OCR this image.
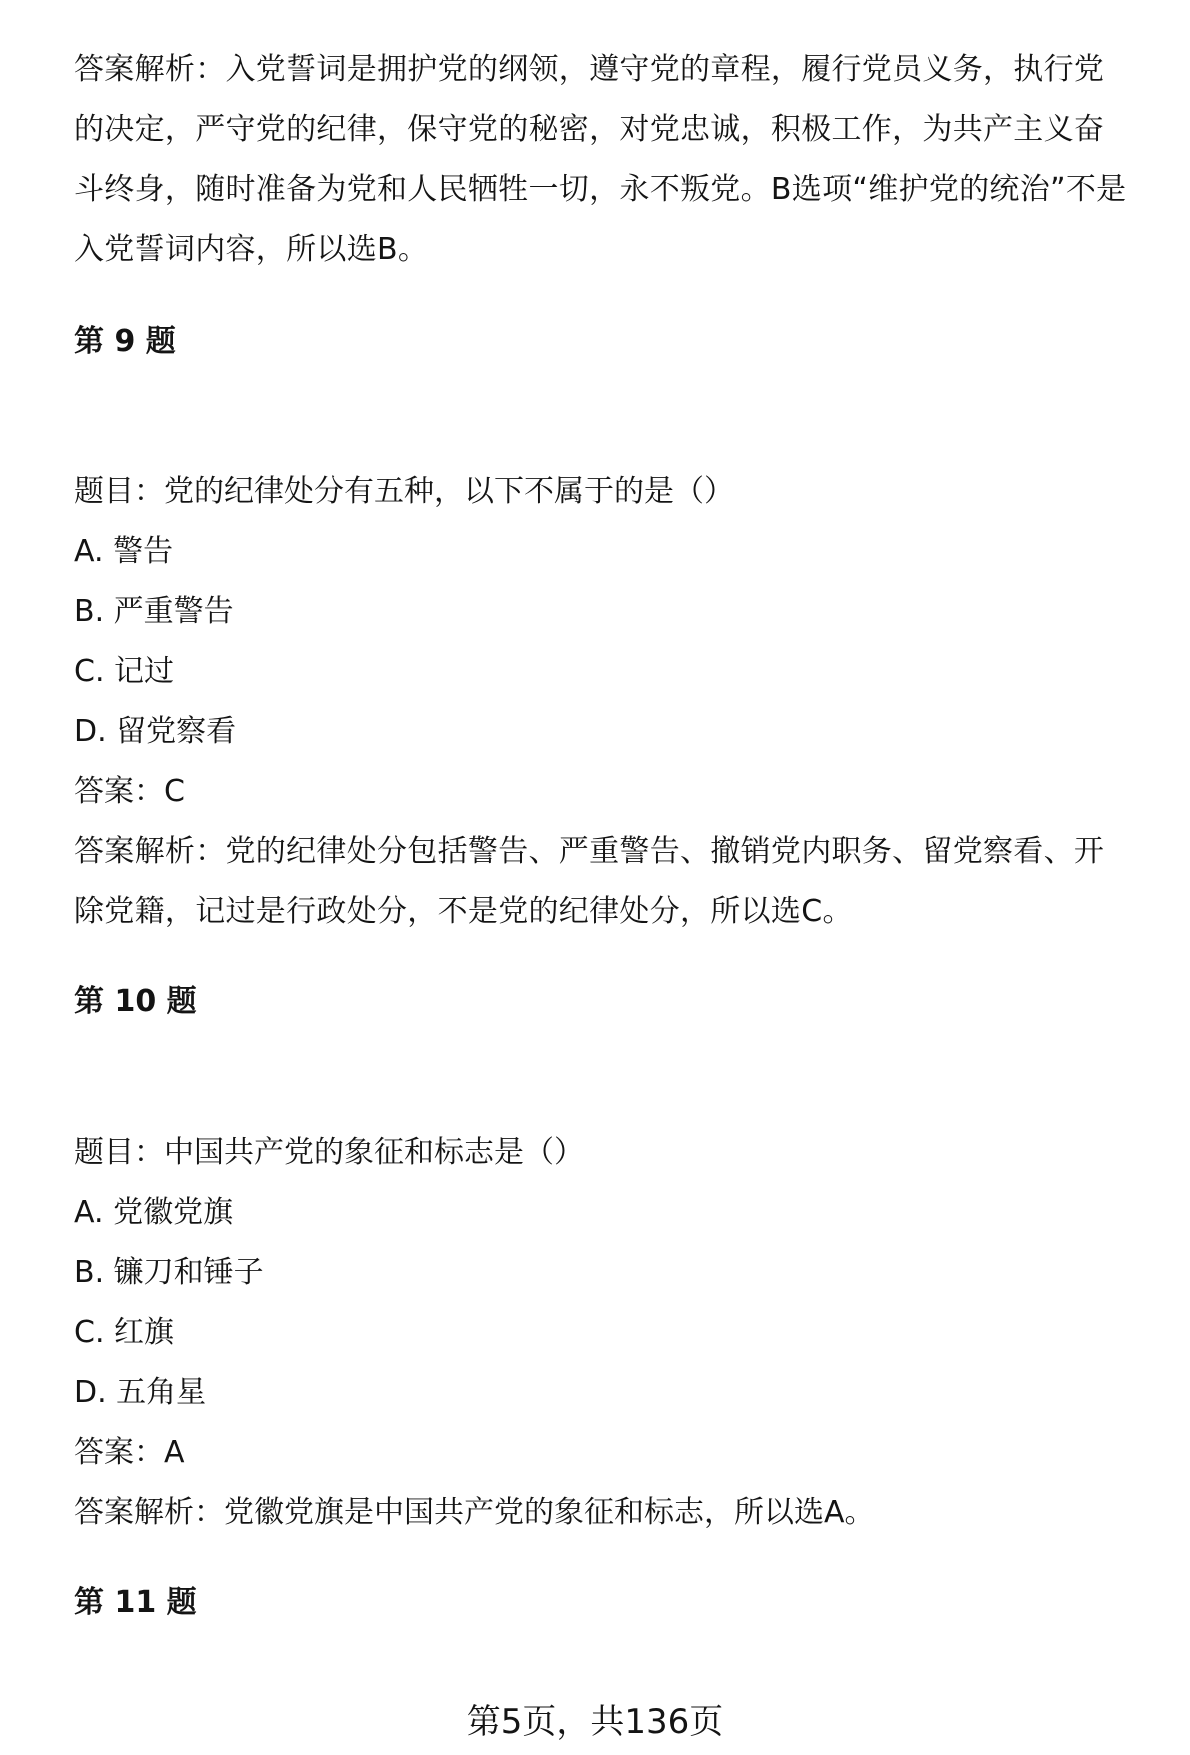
答案解析：入党誓词是拥护党的纲领，遵守党的章程，履行党员义务，执行党的决定，严守党的纪律，保守党的秘密，对党忠诚，积极工作，为共产主义奋斗终身，随时准备为党和人民牺牲一切，永不叛党。B选项“维护党的统治”不是入党誓词内容，所以选B。

第 9 题

题目：党的纪律处分有五种，以下不属于的是（）

A. 警告

B. 严重警告

C. 记过

D. 留党察看

答案：C

答案解析：党的纪律处分包括警告、严重警告、撤销党内职务、留党察看、开除党籍，记过是行政处分，不是党的纪律处分，所以选C。

第 10 题

题目：中国共产党的象征和标志是（）

A. 党徽党旗

B. 镰刀和锤子

C. 红旗

D. 五角星

答案：A

答案解析：党徽党旗是中国共产党的象征和标志，所以选A。

第 11 题

第5页，共136页
